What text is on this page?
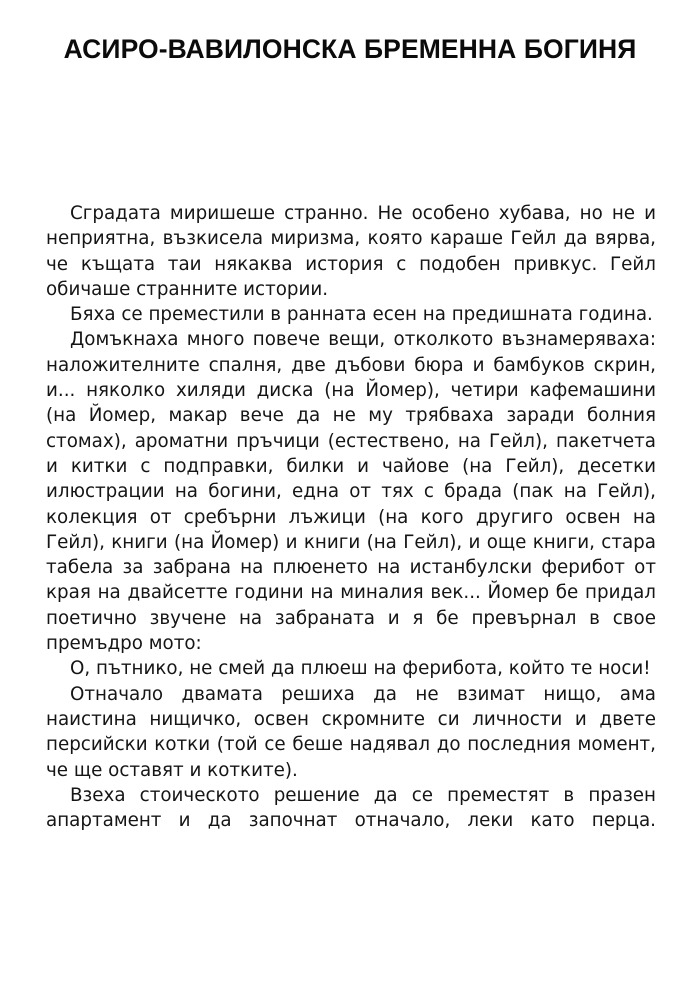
АСИРО-ВАВИЛОНСКА БРЕМЕННА БОГИНЯ

Сградата миришеше странно. Не особено хубава, но не и неприятна, възкисела миризма, която караше Гейл да вярва, че къщата таи някаква история с подобен привкус. Гейл обичаше странните истории.

Бяха се преместили в ранната есен на предишната година.

Домъкнаха много повече вещи, отколкото възнамеряваха: наложителните спалня, две дъбови бюра и бамбуков скрин, и... няколко хиляди диска (на Йомер), четири кафемашини (на Йомер, макар вече да не му трябваха заради болния стомах), ароматни пръчици (естествено, на Гейл), пакетчета и китки с подправки, билки и чайове (на Гейл), десетки илюстрации на богини, една от тях с брада (пак на Гейл), колекция от сребърни лъжици (на кого другиго освен на Гейл), книги (на Йомер) и книги (на Гейл), и още книги, стара табела за забрана на плюенето на истанбулски ферибот от края на двайсетте години на миналия век... Йомер бе придал поетично звучене на забраната и я бе превърнал в свое премъдро мото:

О, пътнико, не смей да плюеш на ферибота, който те носи!

Отначало двамата решиха да не взимат нищо, ама наистина нищичко, освен скромните си личности и двете персийски котки (той се беше надявал до последния момент, че ще оставят и котките).

Взеха стоическото решение да се преместят в празен апартамент и да започнат отначало, леки като перца.
